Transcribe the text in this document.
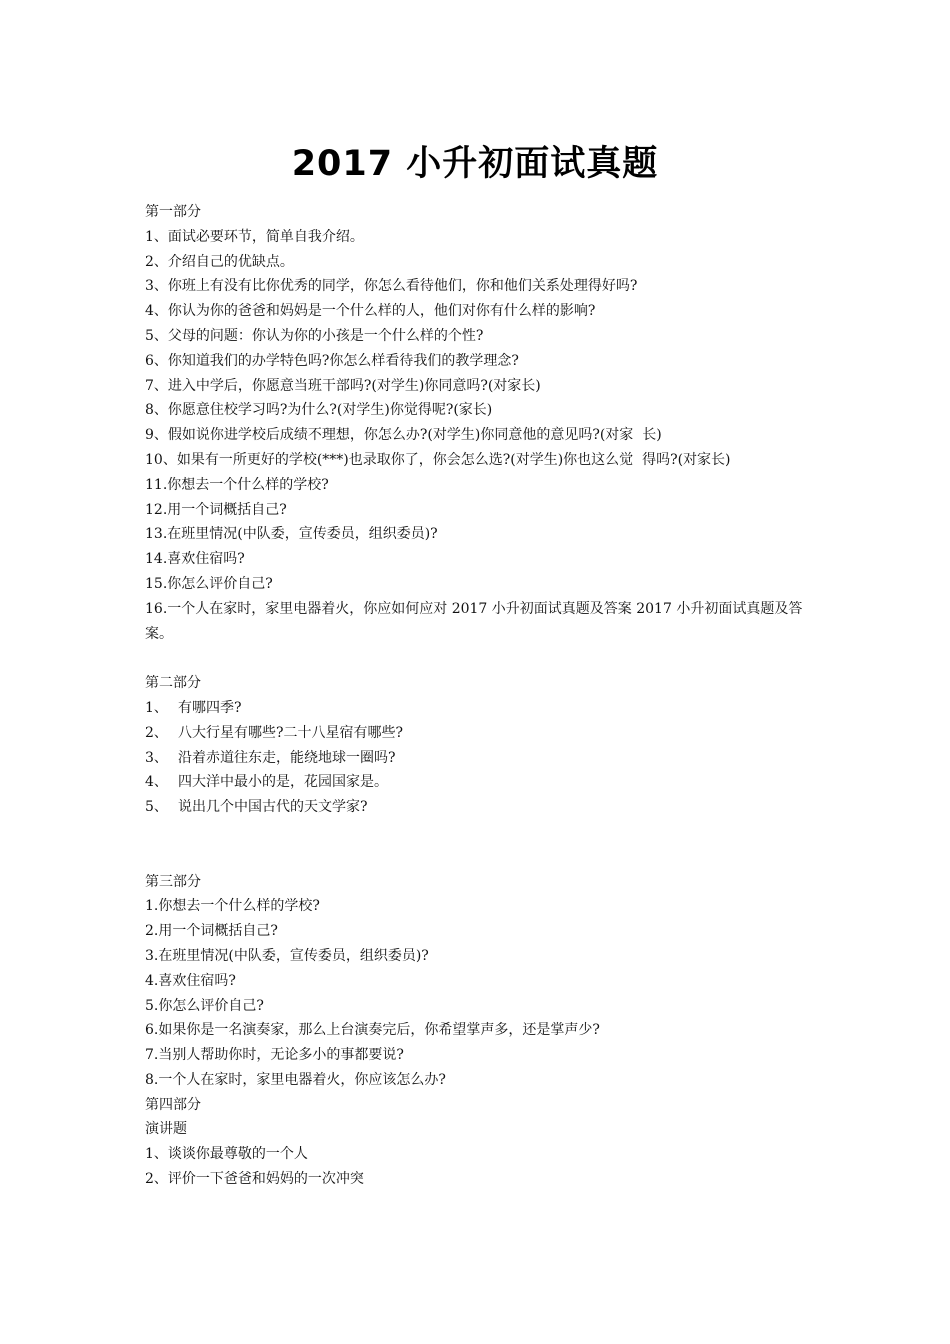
2017 小升初面试真题
第一部分
1、面试必要环节，简单自我介绍。
2、介绍自己的优缺点。
3、你班上有没有比你优秀的同学，你怎么看待他们，你和他们关系处理得好吗?
4、你认为你的爸爸和妈妈是一个什么样的人，他们对你有什么样的影响?
5、父母的问题：你认为你的小孩是一个什么样的个性?
6、你知道我们的办学特色吗?你怎么样看待我们的教学理念?
7、进入中学后，你愿意当班干部吗?(对学生)你同意吗?(对家长)
8、你愿意住校学习吗?为什么?(对学生)你觉得呢?(家长)
9、假如说你进学校后成绩不理想，你怎么办?(对学生)你同意他的意见吗?(对家  长)
10、如果有一所更好的学校(***)也录取你了，你会怎么选?(对学生)你也这么觉  得吗?(对家长)
11.你想去一个什么样的学校?
12.用一个词概括自己?
13.在班里情况(中队委，宣传委员，组织委员)?
14.喜欢住宿吗?
15.你怎么评价自己?
16.一个人在家时，家里电器着火，你应如何应对 2017 小升初面试真题及答案 2017 小升初面试真题及答案。
第二部分
1、 有哪四季?
2、 八大行星有哪些?二十八星宿有哪些?
3、 沿着赤道往东走，能绕地球一圈吗?
4、 四大洋中最小的是，花园国家是。
5、 说出几个中国古代的天文学家?
第三部分
1.你想去一个什么样的学校?
2.用一个词概括自己?
3.在班里情况(中队委，宣传委员，组织委员)?
4.喜欢住宿吗?
5.你怎么评价自己?
6.如果你是一名演奏家，那么上台演奏完后，你希望掌声多，还是掌声少?
7.当别人帮助你时，无论多小的事都要说?
8.一个人在家时，家里电器着火，你应该怎么办?
第四部分
演讲题
1、谈谈你最尊敬的一个人
2、评价一下爸爸和妈妈的一次冲突
